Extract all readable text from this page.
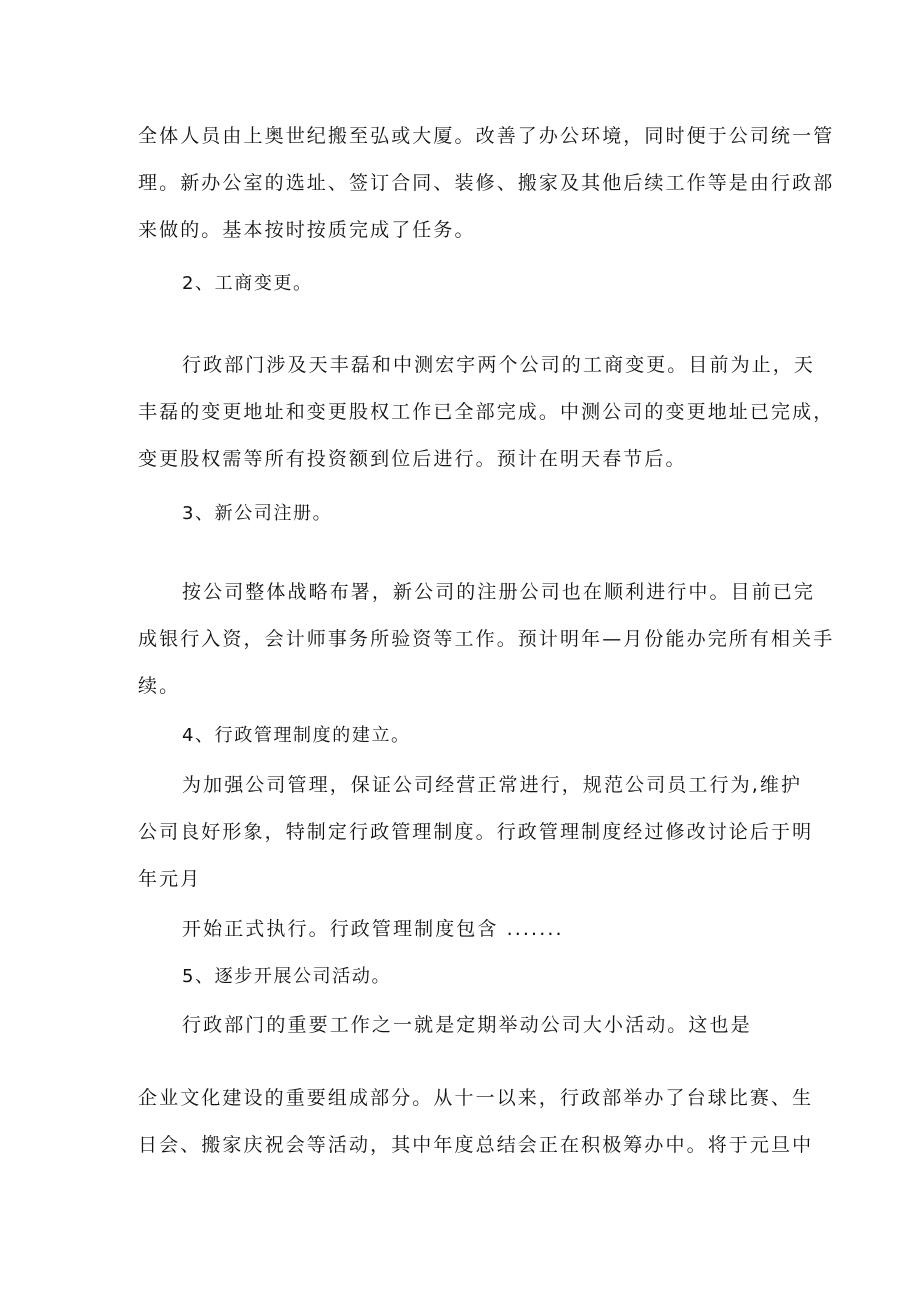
全体人员由上奥世纪搬至弘或大厦。改善了办公环境，同时便于公司统一管
理。新办公室的选址、签订合同、装修、搬家及其他后续工作等是由行政部
来做的。基本按时按质完成了任务。
2、工商变更。
行政部门涉及天丰磊和中测宏宇两个公司的工商变更。目前为止，天
丰磊的变更地址和变更股权工作已全部完成。中测公司的变更地址已完成，
变更股权需等所有投资额到位后进行。预计在明天春节后。
3、新公司注册。
按公司整体战略布署，新公司的注册公司也在顺利进行中。目前已完
成银行入资，会计师事务所验资等工作。预计明年—月份能办完所有相关手
续。
4、行政管理制度的建立。
为加强公司管理，保证公司经营正常进行，规范公司员工行为,维护
公司良好形象，特制定行政管理制度。行政管理制度经过修改讨论后于明
年元月
开始正式执行。行政管理制度包含 .......
5、逐步开展公司活动。
行政部门的重要工作之一就是定期举动公司大小活动。这也是
企业文化建设的重要组成部分。从十一以来，行政部举办了台球比赛、生
日会、搬家庆祝会等活动，其中年度总结会正在积极筹办中。将于元旦中
